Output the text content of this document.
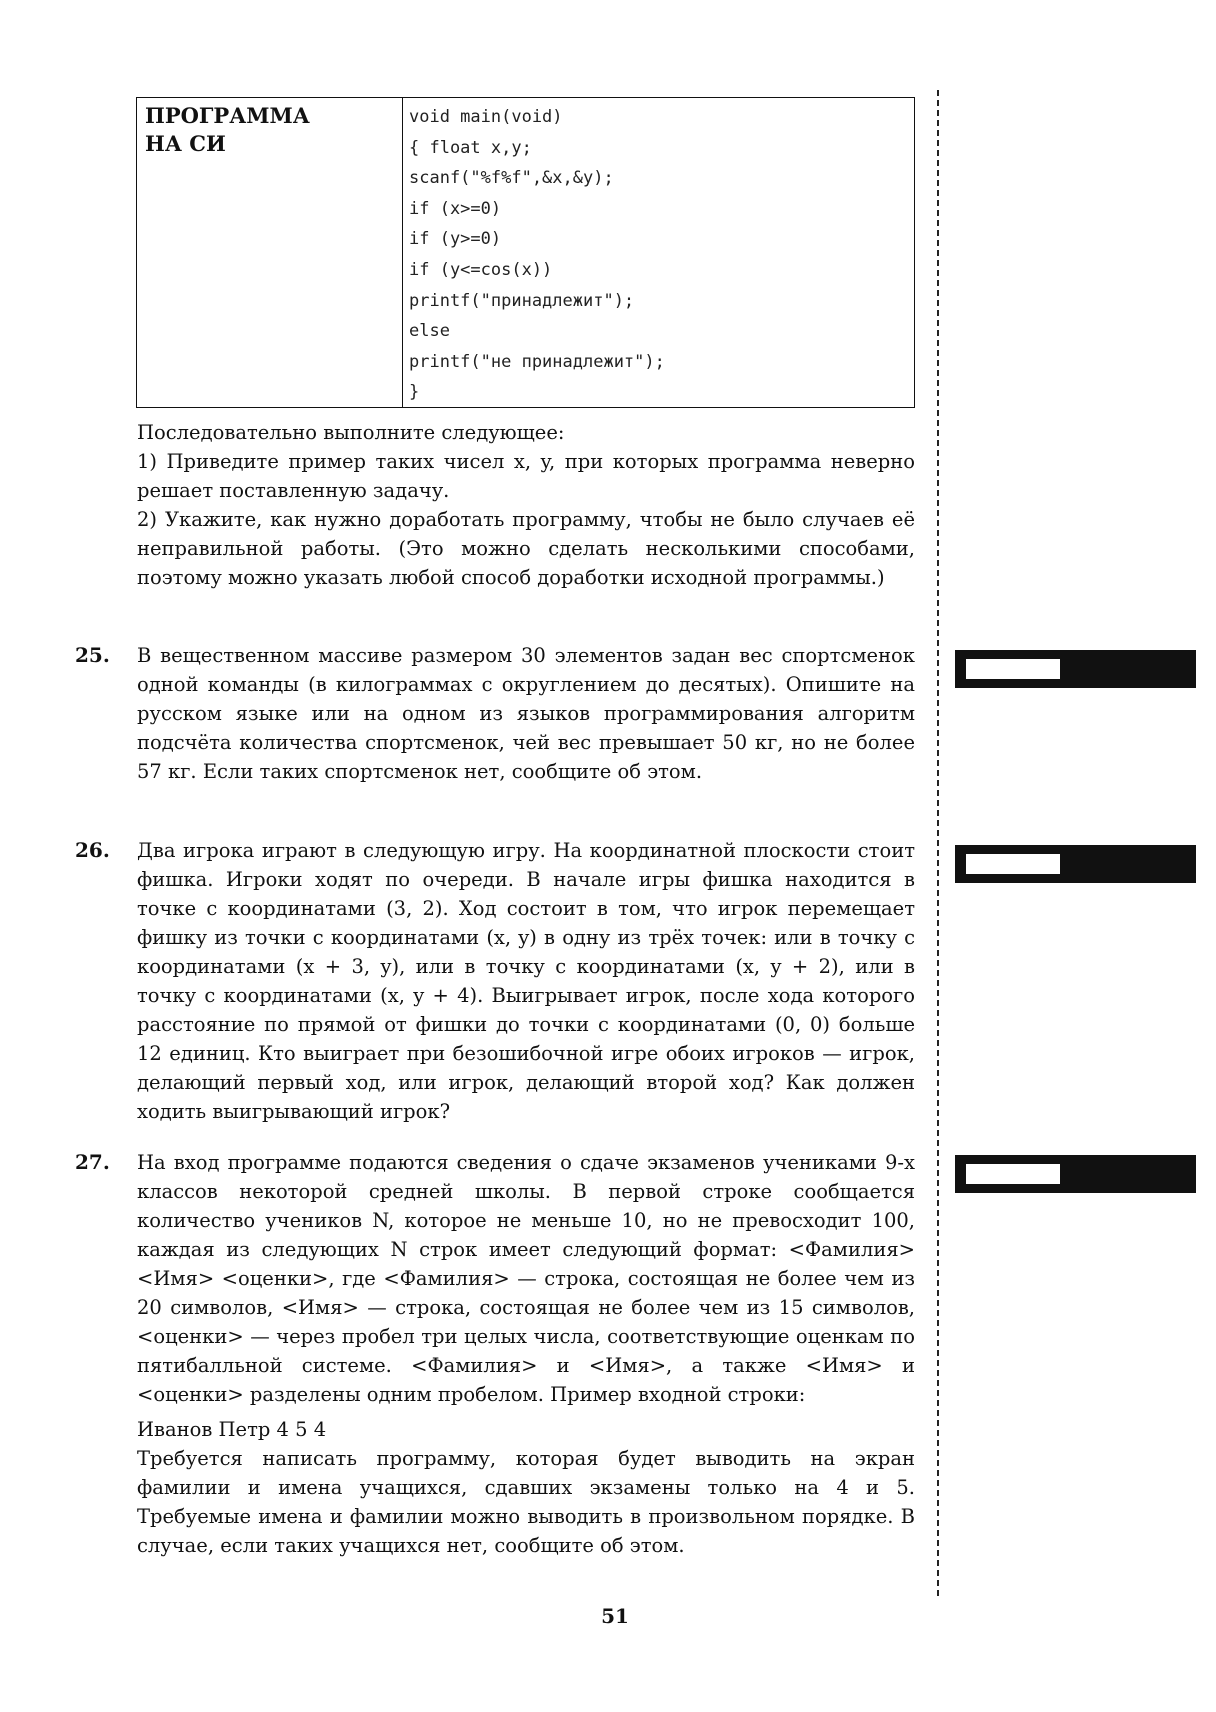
ПРОГРАММА
НА СИ
void main(void)
{ float x,y;
scanf("%f%f",&x,&y);
if (x>=0)
if (y>=0)
if (y<=cos(x))
printf("принадлежит");
else
printf("не принадлежит");
}

Последовательно выполните следующее:

1) Приведите пример таких чисел x, y, при которых программа неверно решает поставленную задачу.

2) Укажите, как нужно доработать программу, чтобы не было случаев её неправильной работы. (Это можно сделать несколькими способами, поэтому можно указать любой способ доработки исходной программы.)

25. В вещественном массиве размером 30 элементов задан вес спортсменок одной команды (в килограммах с округлением до десятых). Опишите на русском языке или на одном из языков программирования алгоритм подсчёта количества спортсменок, чей вес превышает 50 кг, но не более 57 кг. Если таких спортсменок нет, сообщите об этом.

26. Два игрока играют в следующую игру. На координатной плоскости стоит фишка. Игроки ходят по очереди. В начале игры фишка находится в точке с координатами (3, 2). Ход состоит в том, что игрок перемещает фишку из точки с координатами (x, y) в одну из трёх точек: или в точку с координатами (x + 3, y), или в точку с координатами (x, y + 2), или в точку с координатами (x, y + 4). Выигрывает игрок, после хода которого расстояние по прямой от фишки до точки с координатами (0, 0) больше 12 единиц. Кто выиграет при безошибочной игре обоих игроков — игрок, делающий первый ход, или игрок, делающий второй ход? Как должен ходить выигрывающий игрок?

27. На вход программе подаются сведения о сдаче экзаменов учениками 9-х классов некоторой средней школы. В первой строке сообщается количество учеников N, которое не меньше 10, но не превосходит 100, каждая из следующих N строк имеет следующий формат: <Фамилия> <Имя> <оценки>, где <Фамилия> — строка, состоящая не более чем из 20 символов, <Имя> — строка, состоящая не более чем из 15 символов, <оценки> — через пробел три целых числа, соответствующие оценкам по пятибалльной системе. <Фамилия> и <Имя>, а также <Имя> и <оценки> разделены одним пробелом. Пример входной строки:

Иванов Петр 4 5 4

Требуется написать программу, которая будет выводить на экран фамилии и имена учащихся, сдавших экзамены только на 4 и 5. Требуемые имена и фамилии можно выводить в произвольном порядке. В случае, если таких учащихся нет, сообщите об этом.

51
